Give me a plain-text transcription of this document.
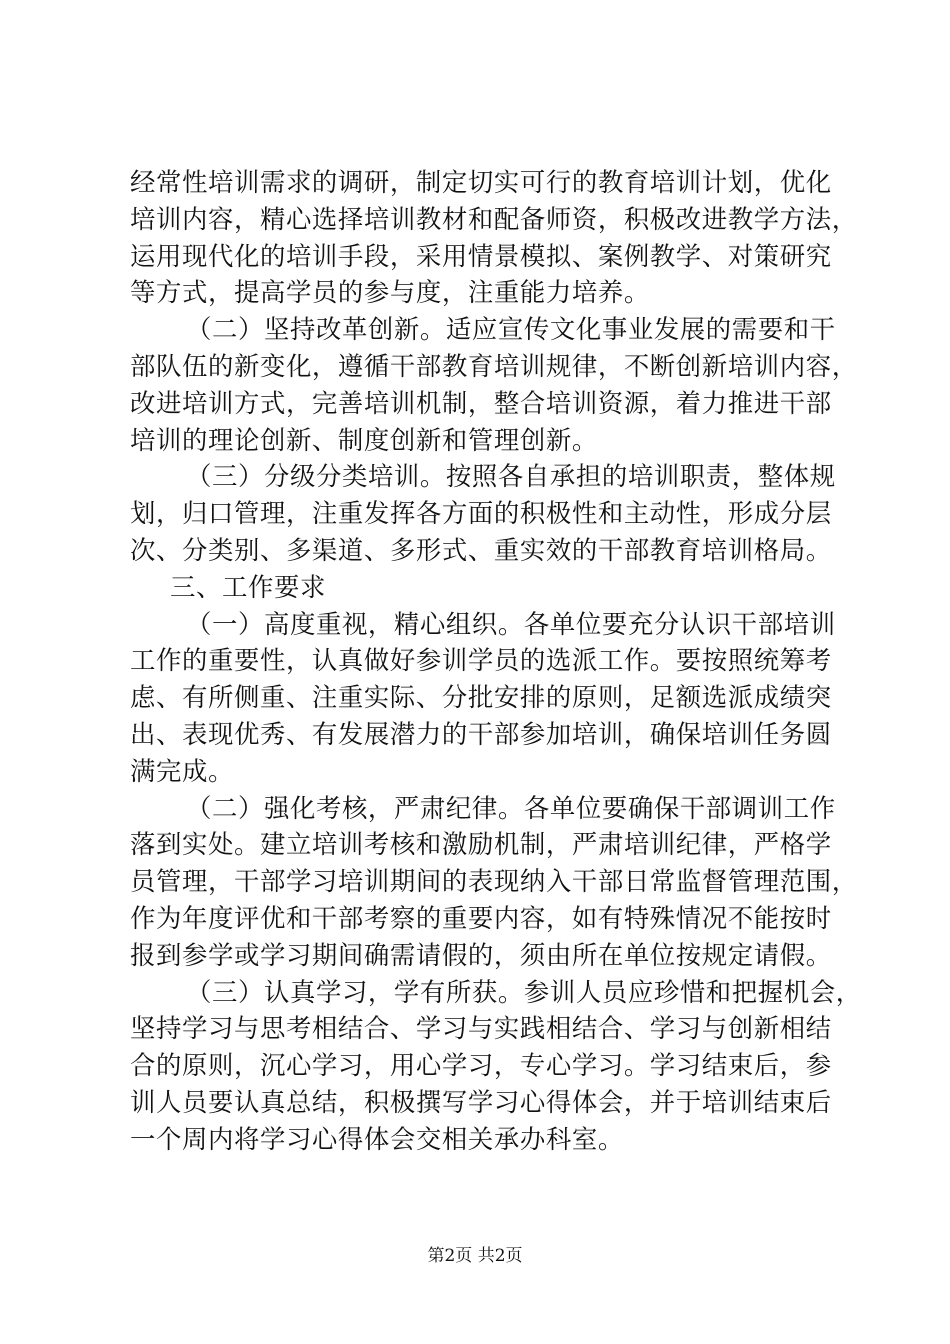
经常性培训需求的调研，制定切实可行的教育培训计划，优化
培训内容，精心选择培训教材和配备师资，积极改进教学方法，
运用现代化的培训手段，采用情景模拟、案例教学、对策研究
等方式，提高学员的参与度，注重能力培养。
（二）坚持改革创新。适应宣传文化事业发展的需要和干
部队伍的新变化，遵循干部教育培训规律，不断创新培训内容，
改进培训方式，完善培训机制，整合培训资源，着力推进干部
培训的理论创新、制度创新和管理创新。
（三）分级分类培训。按照各自承担的培训职责，整体规
划，归口管理，注重发挥各方面的积极性和主动性，形成分层
次、分类别、多渠道、多形式、重实效的干部教育培训格局。
三、工作要求
（一）高度重视，精心组织。各单位要充分认识干部培训
工作的重要性，认真做好参训学员的选派工作。要按照统筹考
虑、有所侧重、注重实际、分批安排的原则，足额选派成绩突
出、表现优秀、有发展潜力的干部参加培训，确保培训任务圆
满完成。
（二）强化考核，严肃纪律。各单位要确保干部调训工作
落到实处。建立培训考核和激励机制，严肃培训纪律，严格学
员管理，干部学习培训期间的表现纳入干部日常监督管理范围，
作为年度评优和干部考察的重要内容，如有特殊情况不能按时
报到参学或学习期间确需请假的，须由所在单位按规定请假。
（三）认真学习，学有所获。参训人员应珍惜和把握机会，
坚持学习与思考相结合、学习与实践相结合、学习与创新相结
合的原则，沉心学习，用心学习，专心学习。学习结束后，参
训人员要认真总结，积极撰写学习心得体会，并于培训结束后
一个周内将学习心得体会交相关承办科室。
第2页 共2页
